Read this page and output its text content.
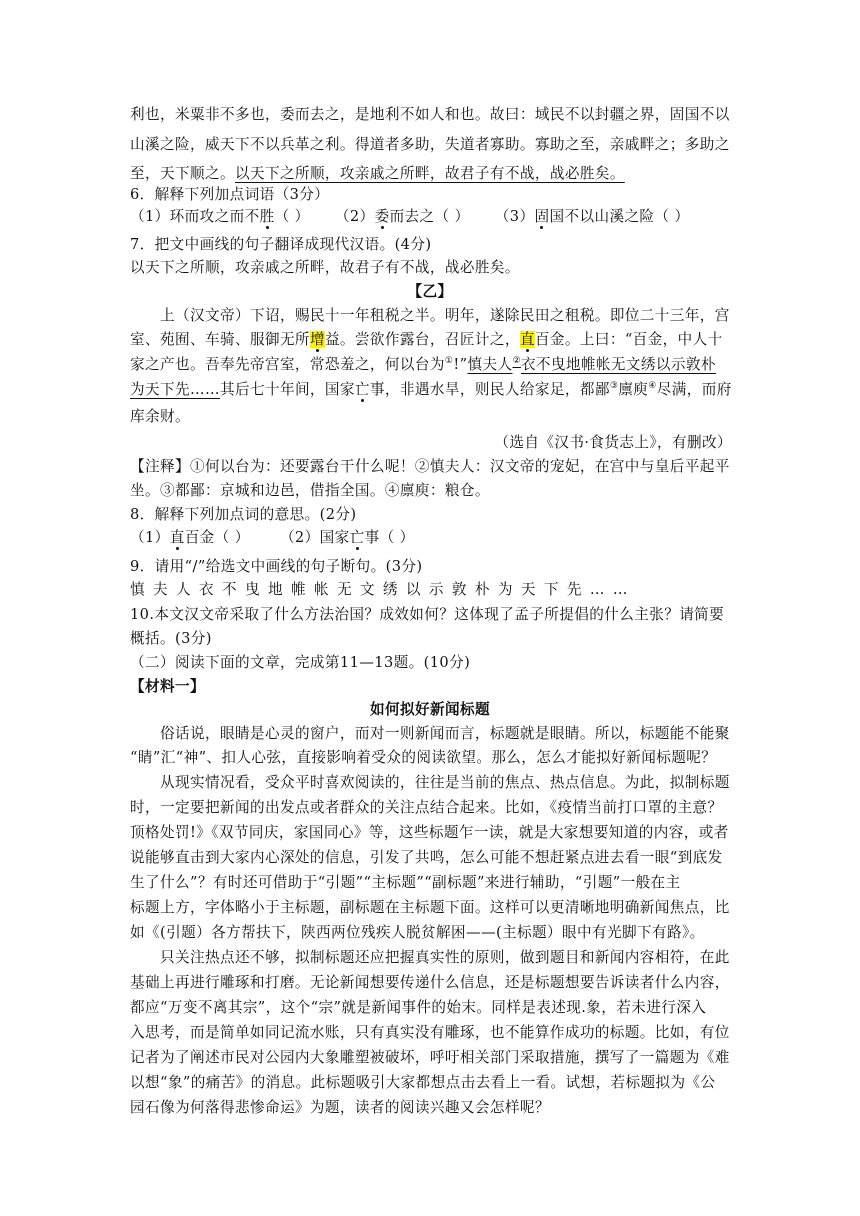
利也，米粟非不多也，委而去之，是地利不如人和也。故曰：域民不以封疆之界，固国不以
山溪之险，威天下不以兵革之利。得道者多助，失道者寡助。寡助之至，亲戚畔之；多助之
至，天下顺之。以天下之所顺，攻亲戚之所畔，故君子有不战，战必胜矣。
6．解释下列加点词语（3分）
（1）环而攻之而不胜（ ） （2）委而去之（ ） （3）固国不以山溪之险（ ）
7．把文中画线的句子翻译成现代汉语。(4分)
以天下之所顺，攻亲戚之所畔，故君子有不战，战必胜矣。
【乙】
上（汉文帝）下诏，赐民十一年租税之半。明年，遂除民田之租税。即位二十三年，宫
室、苑囿、车骑、服御无所增益。尝欲作露台，召匠计之，直百金。上曰：“百金，中人十
家之产也。吾奉先帝宫室，常恐羞之，何以台为①!”慎夫人②衣不曳地帷帐无文绣以示敦朴
为天下先……其后七十年间，国家亡事，非遇水旱，则民人给家足，都鄙③廪庾④尽满，而府
库余财。
（选自《汉书·食货志上》，有删改）
【注释】①何以台为：还要露台干什么呢！②慎夫人：汉文帝的宠妃，在宫中与皇后平起平
坐。③都鄙：京城和边邑，借指全国。④廪庾：粮仓。
8．解释下列加点词的意思。(2分)
（1）直百金（ ） （2）国家亡事（ ）
9．请用“/”给选文中画线的句子断句。(3分)
慎夫人衣不曳地帷帐无文绣以示敦朴为天下先……
10.本文汉文帝采取了什么方法治国？成效如何？这体现了孟子所提倡的什么主张？请简要
概括。(3分)
（二）阅读下面的文章，完成第11—13题。(10分)
【材料一】
如何拟好新闻标题
俗话说，眼睛是心灵的窗户，而对一则新闻而言，标题就是眼睛。所以，标题能不能聚
“睛”汇“神”、扣人心弦，直接影响着受众的阅读欲望。那么，怎么才能拟好新闻标题呢？
从现实情况看，受众平时喜欢阅读的，往往是当前的焦点、热点信息。为此，拟制标题
时，一定要把新闻的出发点或者群众的关注点结合起来。比如，《疫情当前打口罩的主意？
顶格处罚!》《双节同庆，家国同心》等，这些标题乍一读，就是大家想要知道的内容，或者
说能够直击到大家内心深处的信息，引发了共鸣，怎么可能不想赶紧点进去看一眼“到底发
生了什么”？有时还可借助于“引题”“主标题”“副标题”来进行辅助，“引题”一般在主
标题上方，字体略小于主标题，副标题在主标题下面。这样可以更清晰地明确新闻焦点，比
如《(引题）各方帮扶下，陕西两位残疾人脱贫解困——(主标题）眼中有光脚下有路》。
只关注热点还不够，拟制标题还应把握真实性的原则，做到题目和新闻内容相符，在此
基础上再进行雕琢和打磨。无论新闻想要传递什么信息，还是标题想要告诉读者什么内容，
都应“万变不离其宗”，这个“宗”就是新闻事件的始末。同样是表述现.象，若未进行深入
入思考，而是简单如同记流水账，只有真实没有雕琢，也不能算作成功的标题。比如，有位
记者为了阐述市民对公园内大象雕塑被破坏，呼吁相关部门采取措施，撰写了一篇题为《难
以想“象”的痛苦》的消息。此标题吸引大家都想点击去看上一看。试想，若标题拟为《公
园石像为何落得悲惨命运》为题，读者的阅读兴趣又会怎样呢？
